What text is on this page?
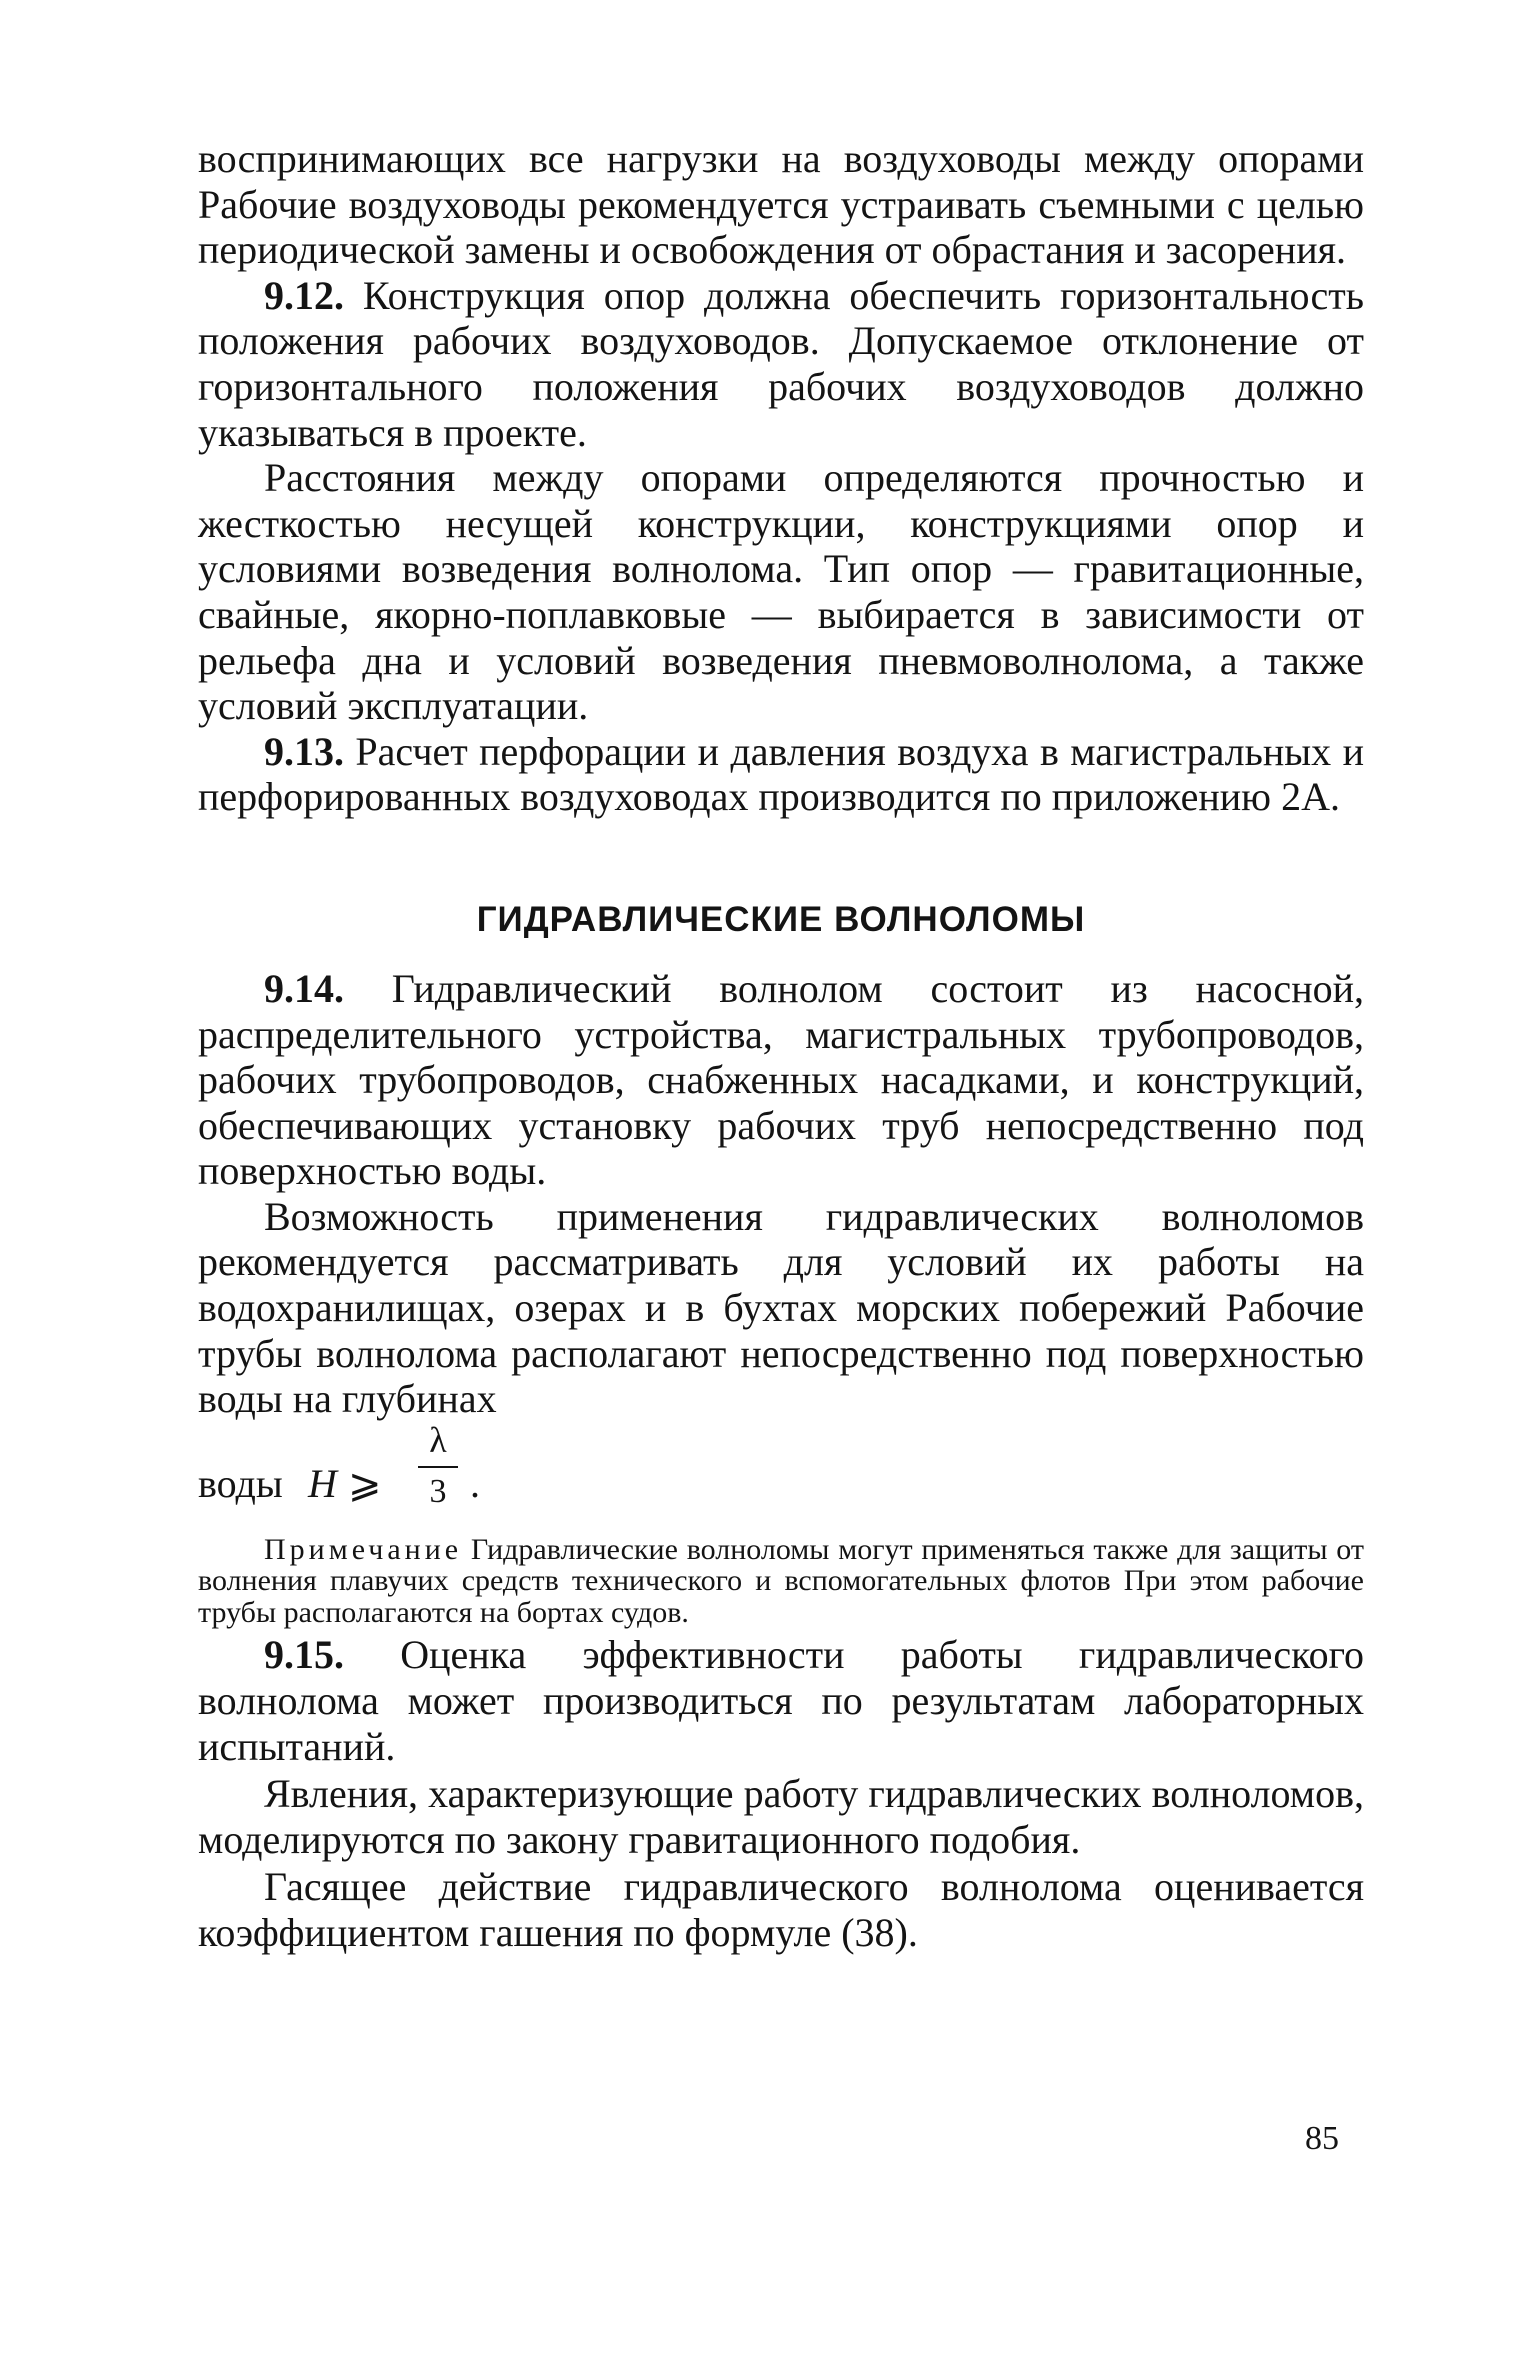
воспринимающих все нагрузки на воздуховоды между опорами Рабочие воздуховоды рекомендуется устраивать съемными с целью периодической замены и освобождения от обрастания и засорения.

9.12. Конструкция опор должна обеспечить горизонтальность положения рабочих воздуховодов. Допускаемое отклонение от горизонтального положения рабочих воздуховодов должно указываться в проекте.

Расстояния между опорами определяются прочностью и жесткостью несущей конструкции, конструкциями опор и условиями возведения волнолома. Тип опор — гравитационные, свайные, якорно-поплавковые — выбирается в зависимости от рельефа дна и условий возведения пневмоволнолома, а также условий эксплуатации.

9.13. Расчет перфорации и давления воздуха в магистральных и перфорированных воздуховодах производится по приложению 2А.

ГИДРАВЛИЧЕСКИЕ ВОЛНОЛОМЫ

9.14. Гидравлический волнолом состоит из насосной, распределительного устройства, магистральных трубопроводов, рабочих трубопроводов, снабженных насадками, и конструкций, обеспечивающих установку рабочих труб непосредственно под поверхностью воды.

Возможность применения гидравлических волноломов рекомендуется рассматривать для условий их работы на водохранилищах, озерах и в бухтах морских побережий Рабочие трубы волнолома располагают непосредственно под поверхностью воды на глубинах

воды H ⩾
λ
3 .

Примечание Гидравлические волноломы могут применяться также для защиты от волнения плавучих средств технического и вспомогательных флотов При этом рабочие трубы располагаются на бортах судов.

9.15. Оценка эффективности работы гидравлического волнолома может производиться по результатам лабораторных испытаний.

Явления, характеризующие работу гидравлических волноломов, моделируются по закону гравитационного подобия.

Гасящее действие гидравлического волнолома оценивается коэффициентом гашения по формуле (38).

85
